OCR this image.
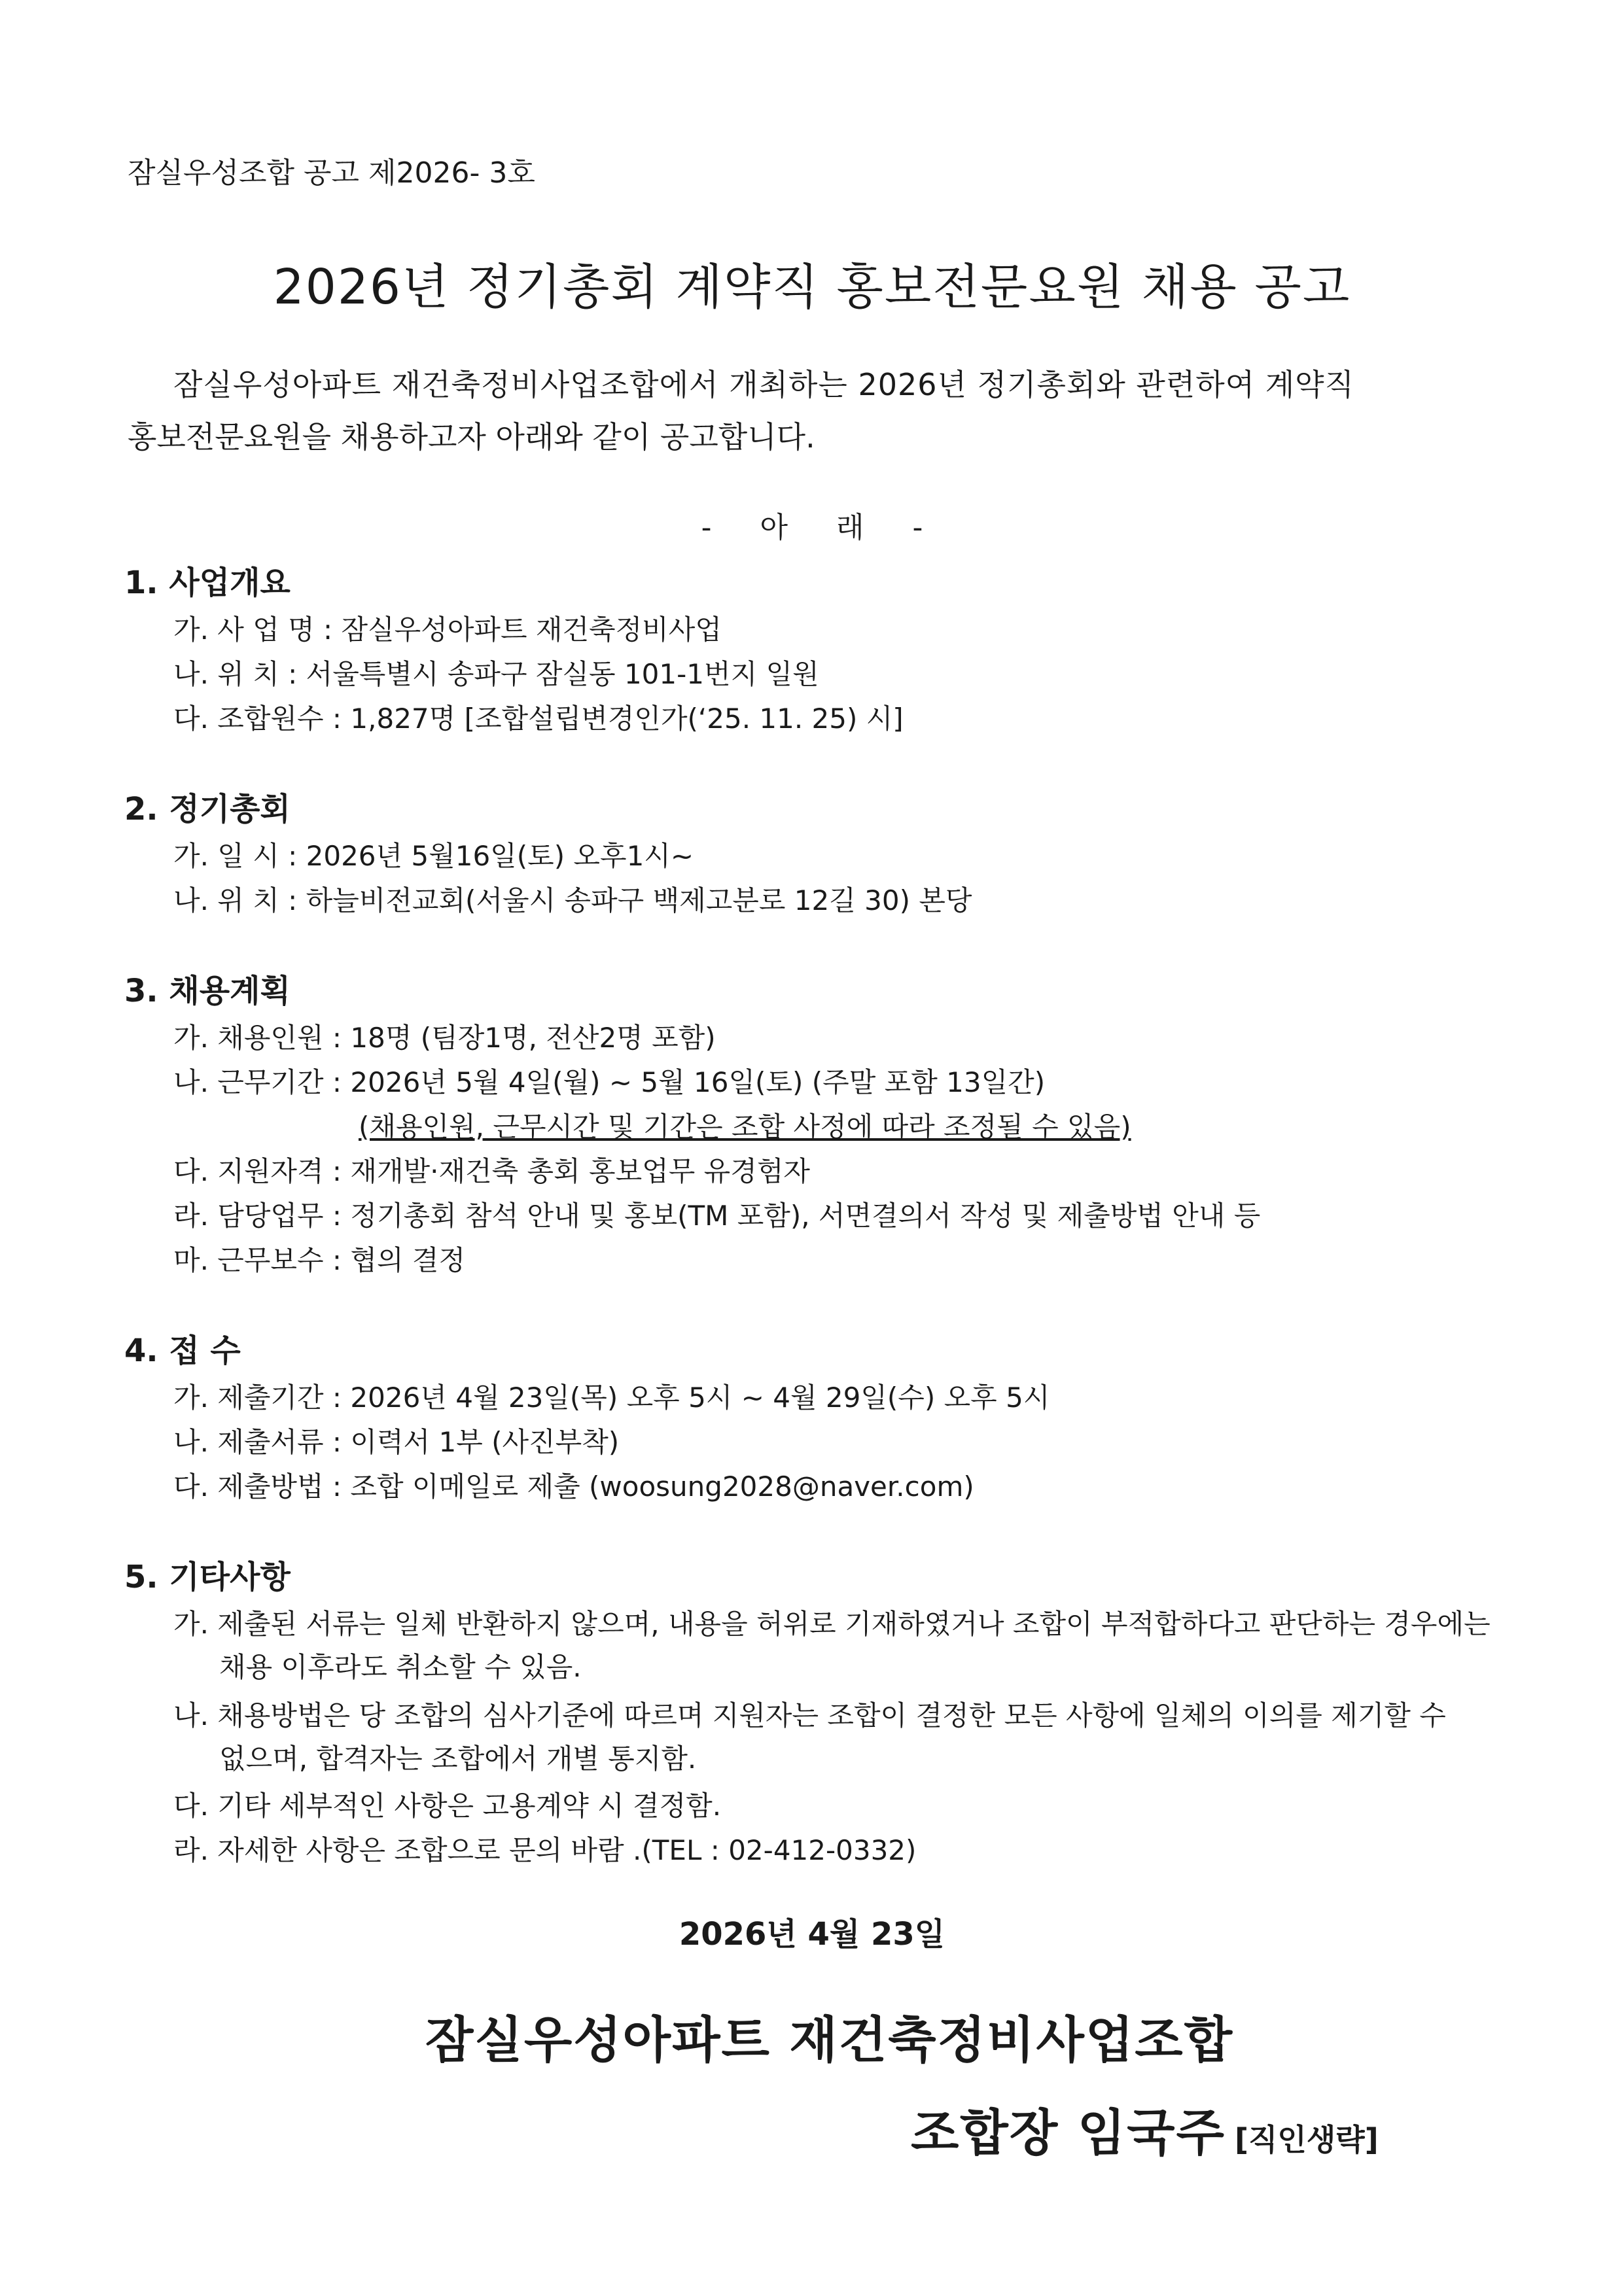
잠실우성조합 공고 제2026- 3호
2026년 정기총회 계약직 홍보전문요원 채용 공고

잠실우성아파트 재건축정비사업조합에서 개최하는 2026년 정기총회와 관련하여 계약직

홍보전문요원을 채용하고자 아래와 같이 공고합니다.

- 아 래 -
1. 사업개요
가. 사 업 명 : 잠실우성아파트 재건축정비사업
나. 위 치 : 서울특별시 송파구 잠실동 101-1번지 일원
다. 조합원수 : 1,827명 [조합설립변경인가(‘25. 11. 25) 시]
2. 정기총회
가. 일 시 : 2026년 5월16일(토) 오후1시~
나. 위 치 : 하늘비전교회(서울시 송파구 백제고분로 12길 30) 본당
3. 채용계획
가. 채용인원 : 18명 (팀장1명, 전산2명 포함)
나. 근무기간 : 2026년 5월 4일(월) ~ 5월 16일(토) (주말 포함 13일간)
(채용인원, 근무시간 및 기간은 조합 사정에 따라 조정될 수 있음)
다. 지원자격 : 재개발·재건축 총회 홍보업무 유경험자
라. 담당업무 : 정기총회 참석 안내 및 홍보(TM 포함), 서면결의서 작성 및 제출방법 안내 등
마. 근무보수 : 협의 결정
4. 접 수
가. 제출기간 : 2026년 4월 23일(목) 오후 5시 ~ 4월 29일(수) 오후 5시
나. 제출서류 : 이력서 1부 (사진부착)
다. 제출방법 : 조합 이메일로 제출 (woosung2028@naver.com)
5. 기타사항
가. 제출된 서류는 일체 반환하지 않으며, 내용을 허위로 기재하였거나 조합이 부적합하다고 판단하는 경우에는
채용 이후라도 취소할 수 있음.
나. 채용방법은 당 조합의 심사기준에 따르며 지원자는 조합이 결정한 모든 사항에 일체의 이의를 제기할 수
없으며, 합격자는 조합에서 개별 통지함.
다. 기타 세부적인 사항은 고용계약 시 결정함.
라. 자세한 사항은 조합으로 문의 바람 .(TEL : 02-412-0332)
2026년 4월 23일
잠실우성아파트 재건축정비사업조합
조합장 임국주 [직인생략]
